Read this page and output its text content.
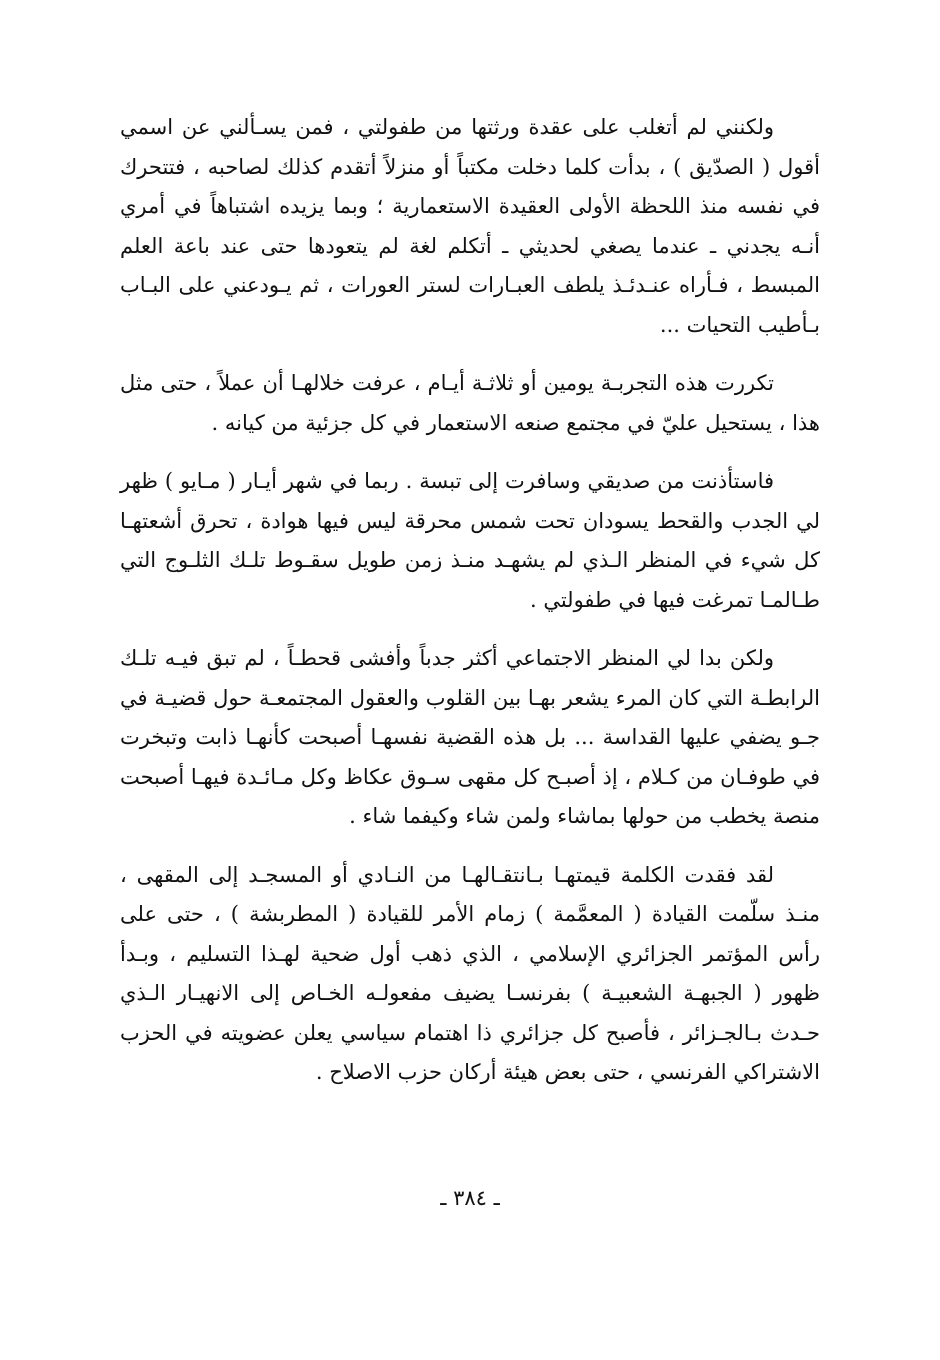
ولكنني لم أتغلب على عقدة ورثتها من طفولتي ، فمن يسـألني عن اسمي أقول ( الصدّيق ) ، بدأت كلما دخلت مكتباً أو منزلاً أتقدم كذلك لصاحبه ، فتتحرك في نفسه منذ اللحظة الأولى العقيدة الاستعمارية ؛ وبما يزيده اشتباهاً في أمري أنـه يجدني ـ عندما يصغي لحديثي ـ أتكلم لغة لم يتعودها حتى عند باعة العلم المبسط ، فـأراه عنـدئـذ يلطف العبـارات لستر العورات ، ثم يـودعني على البـاب بـأطيب التحيات ...

تكررت هذه التجربـة يومين أو ثلاثـة أيـام ، عرفت خلالهـا أن عملاً ، حتى مثل هذا ، يستحيل عليّ في مجتمع صنعه الاستعمار في كل جزئية من كيانه .

فاستأذنت من صديقي وسافرت إلى تبسة . ربما في شهر أيـار ( مـايو ) ظهر لي الجدب والقحط يسودان تحت شمس محرقة ليس فيها هوادة ، تحرق أشعتهـا كل شيء في المنظر الـذي لم يشهـد منـذ زمن طويل سقـوط تلـك الثلـوج التي طـالمـا تمرغت فيها في طفولتي .

ولكن بدا لي المنظر الاجتماعي أكثر جدباً وأفشى قحطـاً ، لم تبق فيـه تلـك الرابطـة التي كان المرء يشعر بهـا بين القلوب والعقول المجتمعـة حول قضيـة في جـو يضفي عليها القداسة ... بل هذه القضية نفسهـا أصبحت كأنهـا ذابت وتبخرت في طوفـان من كـلام ، إذ أصبـح كل مقهى سـوق عكاظ وكل مـائـدة فيهـا أصبحت منصة يخطب من حولها بماشاء ولمن شاء وكيفما شاء .

لقد فقدت الكلمة قيمتهـا بـانتقـالهـا من النـادي أو المسجـد إلى المقهى ، منـذ سلّمت القيادة ( المعمَّمة ) زمام الأمر للقيادة ( المطربشة ) ، حتى على رأس المؤتمر الجزائري الإسلامي ، الذي ذهب أول ضحية لهـذا التسليم ، وبـدأ ظهور ( الجبهـة الشعبيـة ) بفرنسـا يضيف مفعولـه الخـاص إلى الانهيـار الـذي حـدث بـالجـزائر ، فأصبح كل جزائري ذا اهتمام سياسي يعلن عضويته في الحزب الاشتراكي الفرنسي ، حتى بعض هيئة أركان حزب الاصلاح .

ـ ٣٨٤ ـ
